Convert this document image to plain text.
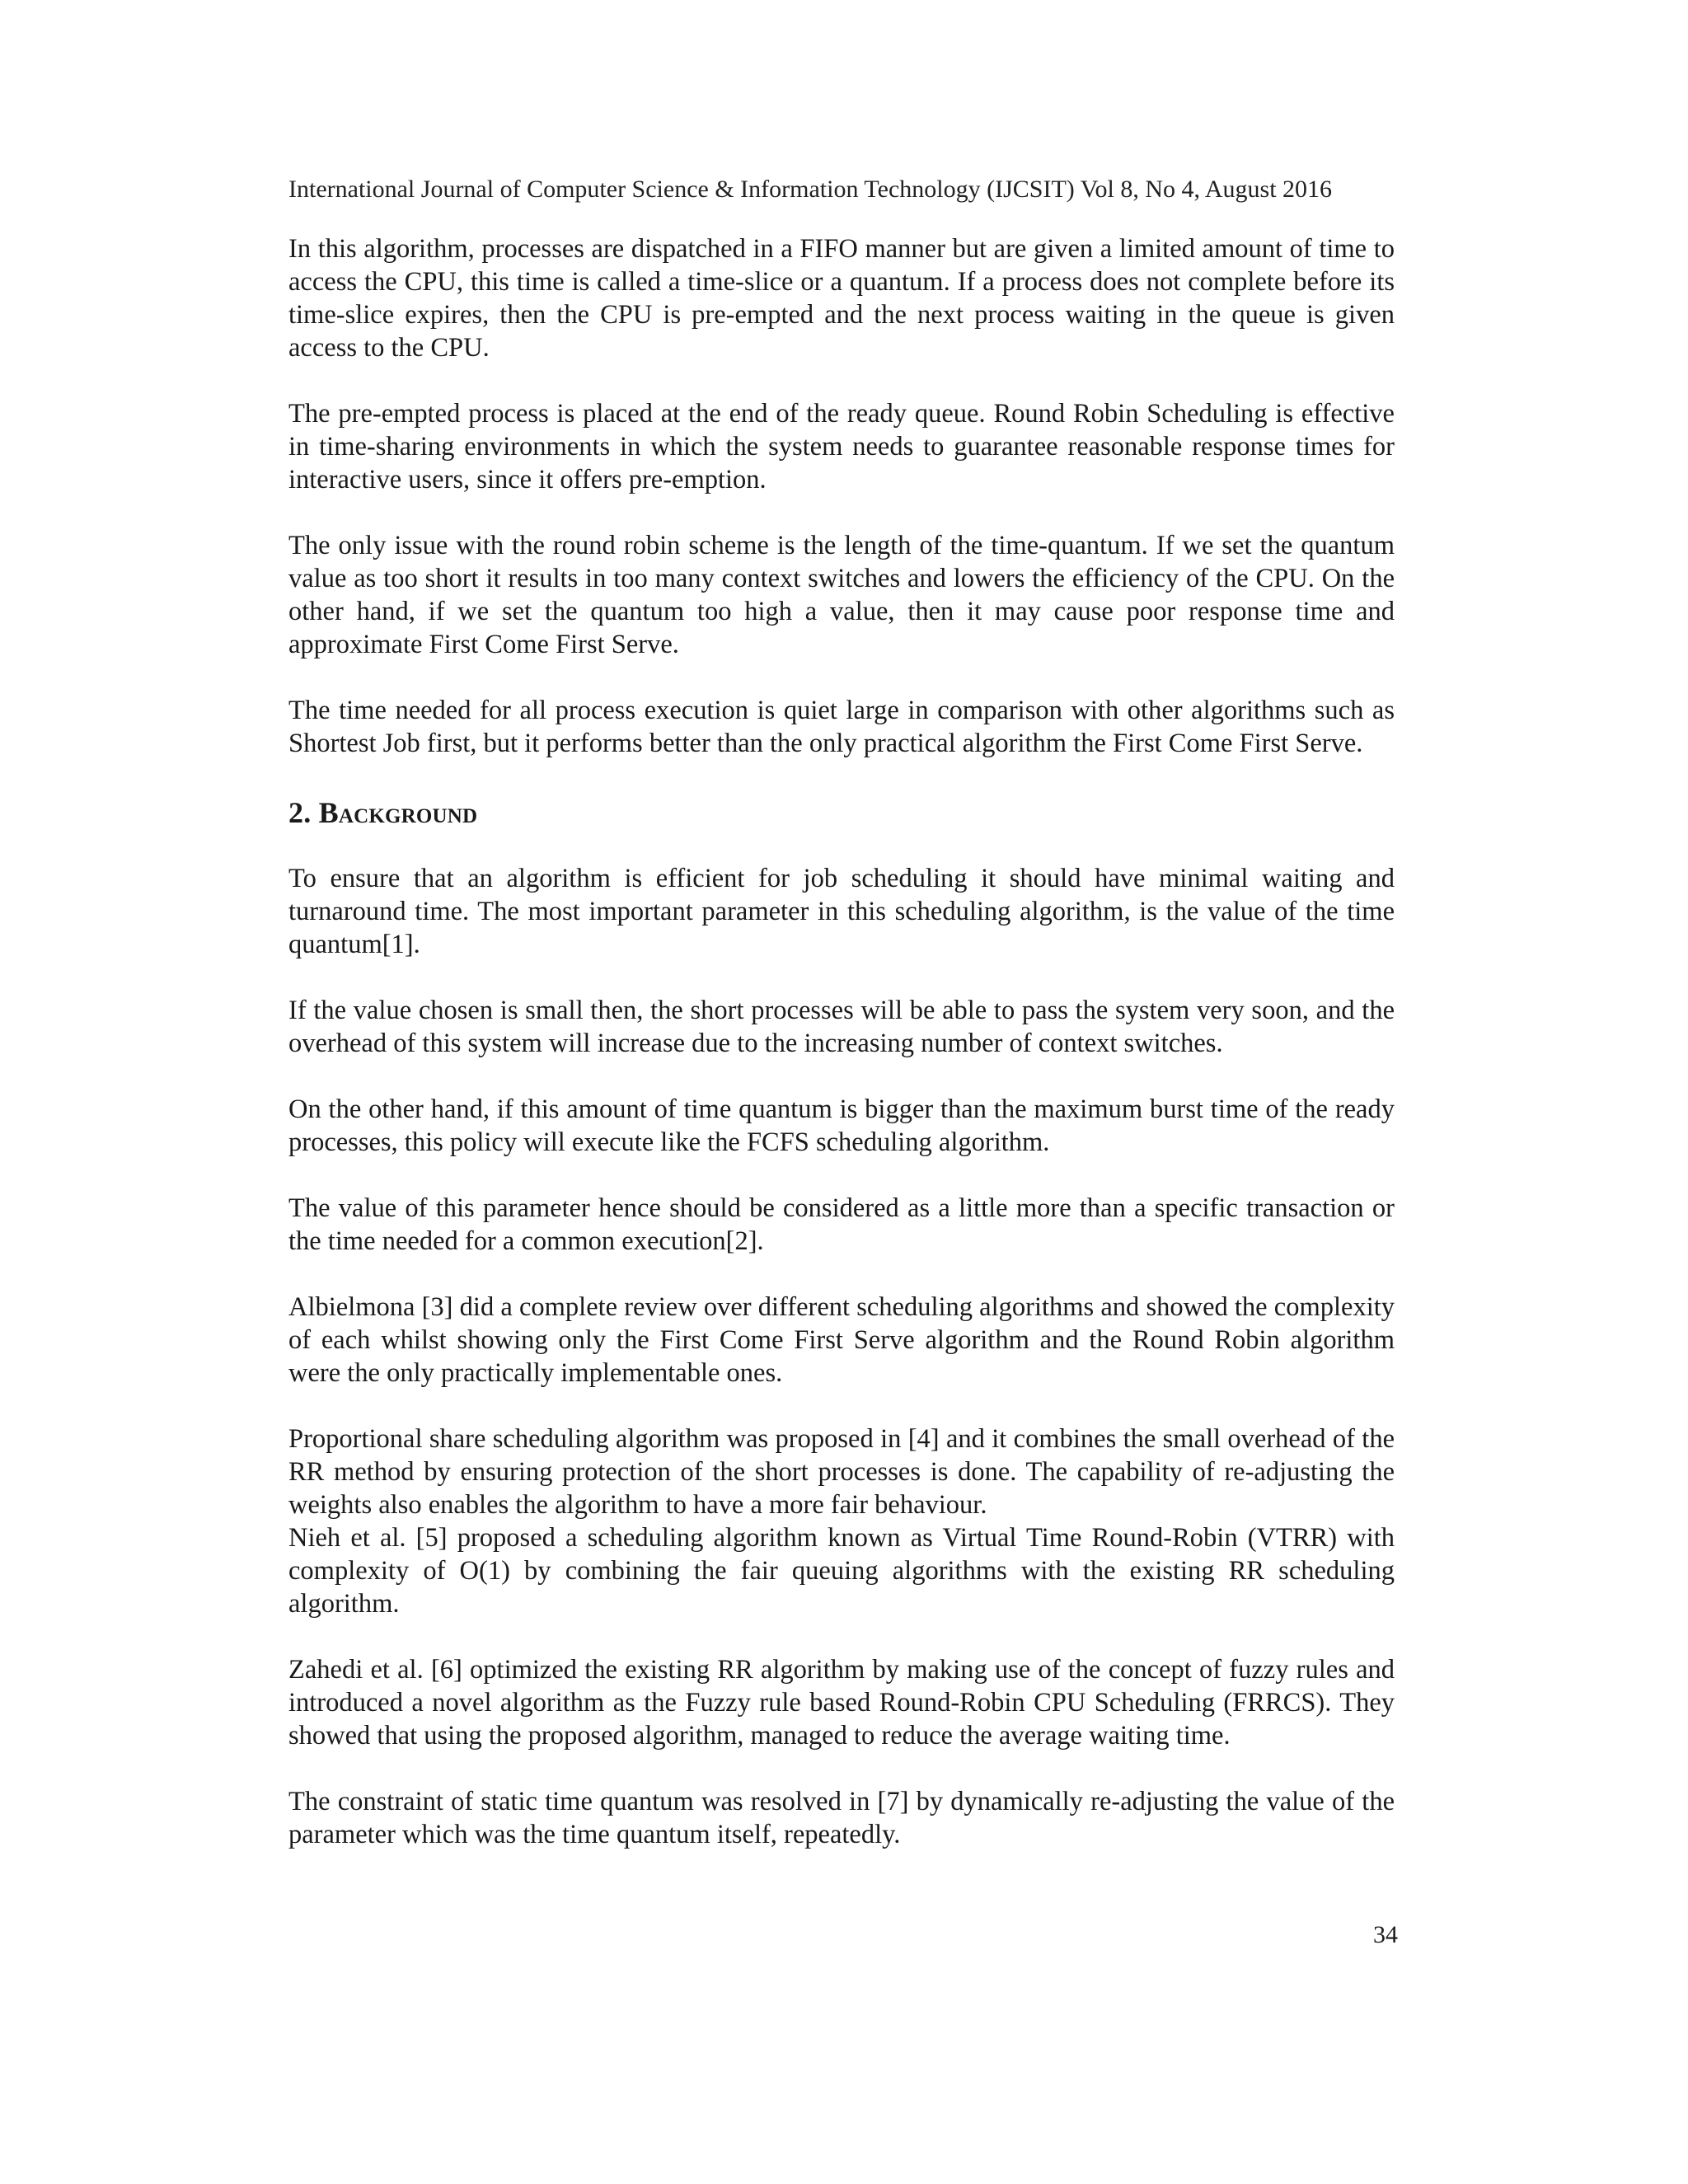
International Journal of Computer Science & Information Technology (IJCSIT) Vol 8, No 4, August 2016

In this algorithm, processes are dispatched in a FIFO manner but are given a limited amount of time to access the CPU, this time is called a time-slice or a quantum. If a process does not complete before its time-slice expires, then the CPU is pre-empted and the next process waiting in the queue is given access to the CPU.

The pre-empted process is placed at the end of the ready queue. Round Robin Scheduling is effective in time-sharing environments in which the system needs to guarantee reasonable response times for interactive users, since it offers pre-emption.

The only issue with the round robin scheme is the length of the time-quantum. If we set the quantum value as too short it results in too many context switches and lowers the efficiency of the CPU. On the other hand, if we set the quantum too high a value, then it may cause poor response time and approximate First Come First Serve.

The time needed for all process execution is quiet large in comparison with other algorithms such as Shortest Job first, but it performs better than the only practical algorithm the First Come First Serve.

2. Background

To ensure that an algorithm is efficient for job scheduling it should have minimal waiting and turnaround time. The most important parameter in this scheduling algorithm, is the value of the time quantum[1].

If the value chosen is small then, the short processes will be able to pass the system very soon, and the overhead of this system will increase due to the increasing number of context switches.

On the other hand, if this amount of time quantum is bigger than the maximum burst time of the ready processes, this policy will execute like the FCFS scheduling algorithm.

The value of this parameter hence should be considered as a little more than a specific transaction or the time needed for a common execution[2].

Albielmona [3] did a complete review over different scheduling algorithms and showed the complexity of each whilst showing only the First Come First Serve algorithm and the Round Robin algorithm were the only practically implementable ones.

Proportional share scheduling algorithm was proposed in [4] and it combines the small overhead of the RR method by ensuring protection of the short processes is done. The capability of re-adjusting the weights also enables the algorithm to have a more fair behaviour.

Nieh et al. [5] proposed a scheduling algorithm known as Virtual Time Round-Robin (VTRR) with complexity of O(1) by combining the fair queuing algorithms with the existing RR scheduling algorithm.

Zahedi et al. [6] optimized the existing RR algorithm by making use of the concept of fuzzy rules and introduced a novel algorithm as the Fuzzy rule based Round-Robin CPU Scheduling (FRRCS). They showed that using the proposed algorithm, managed to reduce the average waiting time.

The constraint of static time quantum was resolved in [7] by dynamically re-adjusting the value of the parameter which was the time quantum itself, repeatedly.

34
